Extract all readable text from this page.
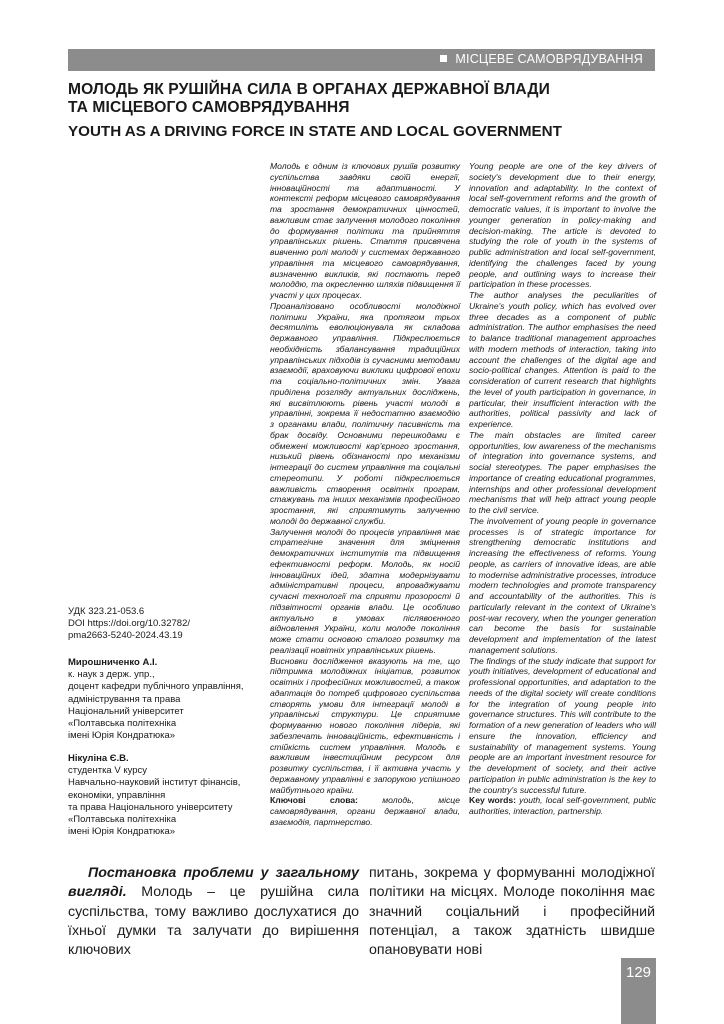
МІСЦЕВЕ САМОВРЯДУВАННЯ
МОЛОДЬ ЯК РУШІЙНА СИЛА В ОРГАНАХ ДЕРЖАВНОЇ ВЛАДИ
ТА МІСЦЕВОГО САМОВРЯДУВАННЯ
YOUTH AS A DRIVING FORCE IN STATE AND LOCAL GOVERNMENT

Молодь є одним із ключових рушіїв розвитку суспільства завдяки своїй енергії, інноваційності та адаптивності. У контексті реформ місцевого самоврядування та зростання демократичних цінностей, важливим стає залучення молодого покоління до формування політики та прийняття управлінських рішень. Стаття присвячена вивченню ролі молоді у системах державного управління та місцевого самоврядування, визначенню викликів, які постають перед молоддю, та окресленню шляхів підвищення її участі у цих процесах.

Проаналізовано особливості молодіжної політики України, яка протягом трьох десятиліть еволюціонувала як складова державного управління. Підкреслюється необхідність збалансування традиційних управлінських підходів із сучасними методами взаємодії, враховуючи виклики цифрової епохи та соціально-політичних змін. Увага приділена розгляду актуальних досліджень, які висвітлюють рівень участі молоді в управлінні, зокрема її недостатню взаємодію з органами влади, політичну пасивність та брак досвіду. Основними перешкодами є обмежені можливості кар'єрного зростання, низький рівень обізнаності про механізми інтеграції до систем управління та соціальні стереотипи. У роботі підкреслюється важливість створення освітніх програм, стажувань та інших механізмів професійного зростання, які сприятимуть залученню молоді до державної служби.

Залучення молоді до процесів управління має стратегічне значення для зміцнення демократичних інститутів та підвищення ефективності реформ. Молодь, як носій інноваційних ідей, здатна модернізувати адміністративні процеси, впроваджувати сучасні технології та сприяти прозорості й підзвітності органів влади. Це особливо актуально в умовах післявоєнного відновлення України, коли молоде покоління може стати основою сталого розвитку та реалізації новітніх управлінських рішень.

Висновки дослідження вказують на те, що підтримка молодіжних ініціатив, розвиток освітніх і професійних можливостей, а також адаптація до потреб цифрового суспільства створять умови для інтеграції молоді в управлінські структури. Це сприятиме формуванню нового покоління лідерів, які забезпечать інноваційність, ефективність і стійкість систем управління. Молодь є важливим інвестиційним ресурсом для розвитку суспільства, і її активна участь у державному управлінні є запорукою успішного майбутнього країни.

Ключові слова: молодь, місце самоврядування, органи державної влади, взаємодія, партнерство.

Young people are one of the key drivers of society's development due to their energy, innovation and adaptability. In the context of local self-government reforms and the growth of democratic values, it is important to involve the younger generation in policy-making and decision-making. The article is devoted to studying the role of youth in the systems of public administration and local self-government, identifying the challenges faced by young people, and outlining ways to increase their participation in these processes.

The author analyses the peculiarities of Ukraine's youth policy, which has evolved over three decades as a component of public administration. The author emphasises the need to balance traditional management approaches with modern methods of interaction, taking into account the challenges of the digital age and socio-political changes. Attention is paid to the consideration of current research that highlights the level of youth participation in governance, in particular, their insufficient interaction with the authorities, political passivity and lack of experience.

The main obstacles are limited career opportunities, low awareness of the mechanisms of integration into governance systems, and social stereotypes. The paper emphasises the importance of creating educational programmes, internships and other professional development mechanisms that will help attract young people to the civil service.

The involvement of young people in governance processes is of strategic importance for strengthening democratic institutions and increasing the effectiveness of reforms. Young people, as carriers of innovative ideas, are able to modernise administrative processes, introduce modern technologies and promote transparency and accountability of the authorities. This is particularly relevant in the context of Ukraine's post-war recovery, when the younger generation can become the basis for sustainable development and implementation of the latest management solutions.

The findings of the study indicate that support for youth initiatives, development of educational and professional opportunities, and adaptation to the needs of the digital society will create conditions for the integration of young people into governance structures. This will contribute to the formation of a new generation of leaders who will ensure the innovation, efficiency and sustainability of management systems. Young people are an important investment resource for the development of society, and their active participation in public administration is the key to the country's successful future.

Key words: youth, local self-government, public authorities, interaction, partnership.

УДК 323.21-053.6
DOI https://doi.org/10.32782/
pma2663-5240-2024.43.19
Мирошниченко А.І.
к. наук з держ. упр.,
доцент кафедри публічного управління,
адміністрування та права
Національний університет
«Полтавська політехніка
імені Юрія Кондратюка»
Нікуліна Є.В.
студентка V курсу
Навчально-науковий інститут фінансів,
економіки, управління
та права Національного університету
«Полтавська політехніка
імені Юрія Кондратюка»
Постановка проблеми у загальному вигляді. Молодь – це рушійна сила суспільства, тому важливо дослухатися до їхньої думки та залучати до вирішення ключових
питань, зокрема у формуванні молодіжної політики на місцях. Молоде покоління має значний соціальний і професійний потенціал, а також здатність швидше опановувати нові
129
